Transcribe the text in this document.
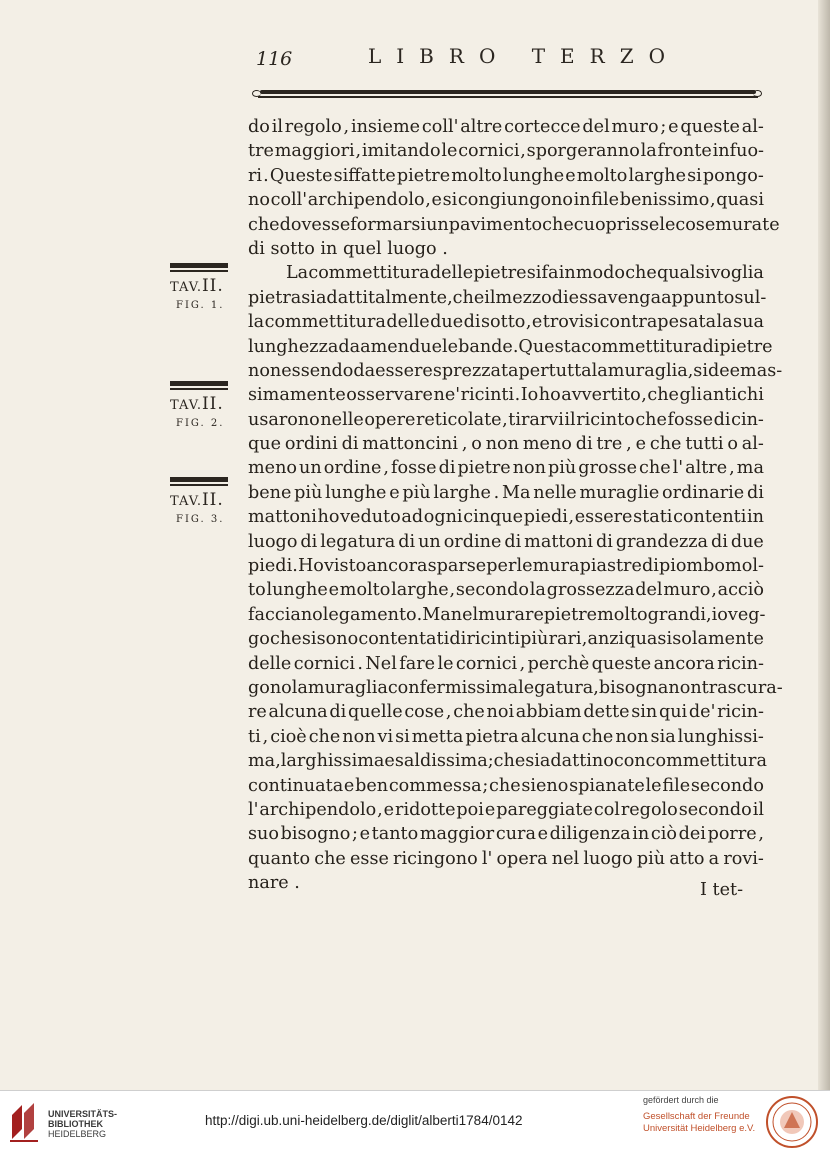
116	LIBRO TERZO
TAV.II.
FIG. 1.
TAV.II.
FIG. 2.
TAV.II.
FIG. 3.
do il regolo , insieme coll' altre cortecce del muro ; e queste al-
tre maggiori , imitando le cornici , sporgeranno la fronte infuo-
ri . Queste siffatte pietre molto lunghe e molto larghe si pongo-
no coll' archipendolo , e si congiungono in file benissimo , quasi
che dovesse formarsi un pavimento che cuoprisse le cose murate
di sotto in quel luogo .
La commettitura delle pietre si fa in modo che qualsivoglia
pietra si adatti talmente , che il mezzo di essa venga appunto sul-
la commettitura delle due di sotto , e trovisi contrapesata la sua
lunghezza da amendue le bande . Questa commettitura di pietre
non essendo da essere sprezzata per tutta la muraglia , si dee mas-
simamente osservare ne' ricinti . Io ho avvertito , che gli antichi
usarono nelle opere reticolate , tirarvi il ricinto che fosse di cin-
que ordini di mattoncini , o non meno di tre , e che tutti o al-
meno un ordine , fosse di pietre non più grosse che l' altre , ma
bene più lunghe e più larghe . Ma nelle muraglie ordinarie di
mattoni ho veduto ad ogni cinque piedi , essere stati contenti in
luogo di legatura di un ordine di mattoni di grandezza di due
piedi . Ho visto ancora sparse per le mura piastre di piombo mol-
to lunghe e molto larghe , secondo la grossezza del muro , acciò
facciano legamento . Ma nel murare pietre molto grandi , io veg-
go che si sono contentati di ricinti più rari , anzi quasi solamente
delle cornici . Nel fare le cornici , perchè queste ancora ricin-
gono la muraglia con fermissima legatura , bisogna non trascura-
re alcuna di quelle cose , che noi abbiam dette sin qui de' ricin-
ti , cioè che non vi si metta pietra alcuna che non sia lunghissi-
ma , larghissima e saldissima ; che si adattino con commettitura
continuata e ben commessa ; che sieno spianate le file secondo
l' archipendolo , e ridotte poi e pareggiate col regolo secondo il
suo bisogno ; e tanto maggior cura e diligenza in ciò dei porre ,
quanto che esse ricingono l' opera nel luogo più atto a rovi-
nare .	I tet-
UNIVERSITÄTS-
BIBLIOTHEK
HEIDELBERG
http://digi.ub.uni-heidelberg.de/diglit/alberti1784/0142
gefördert durch die
Gesellschaft der Freunde
Universität Heidelberg e.V.
